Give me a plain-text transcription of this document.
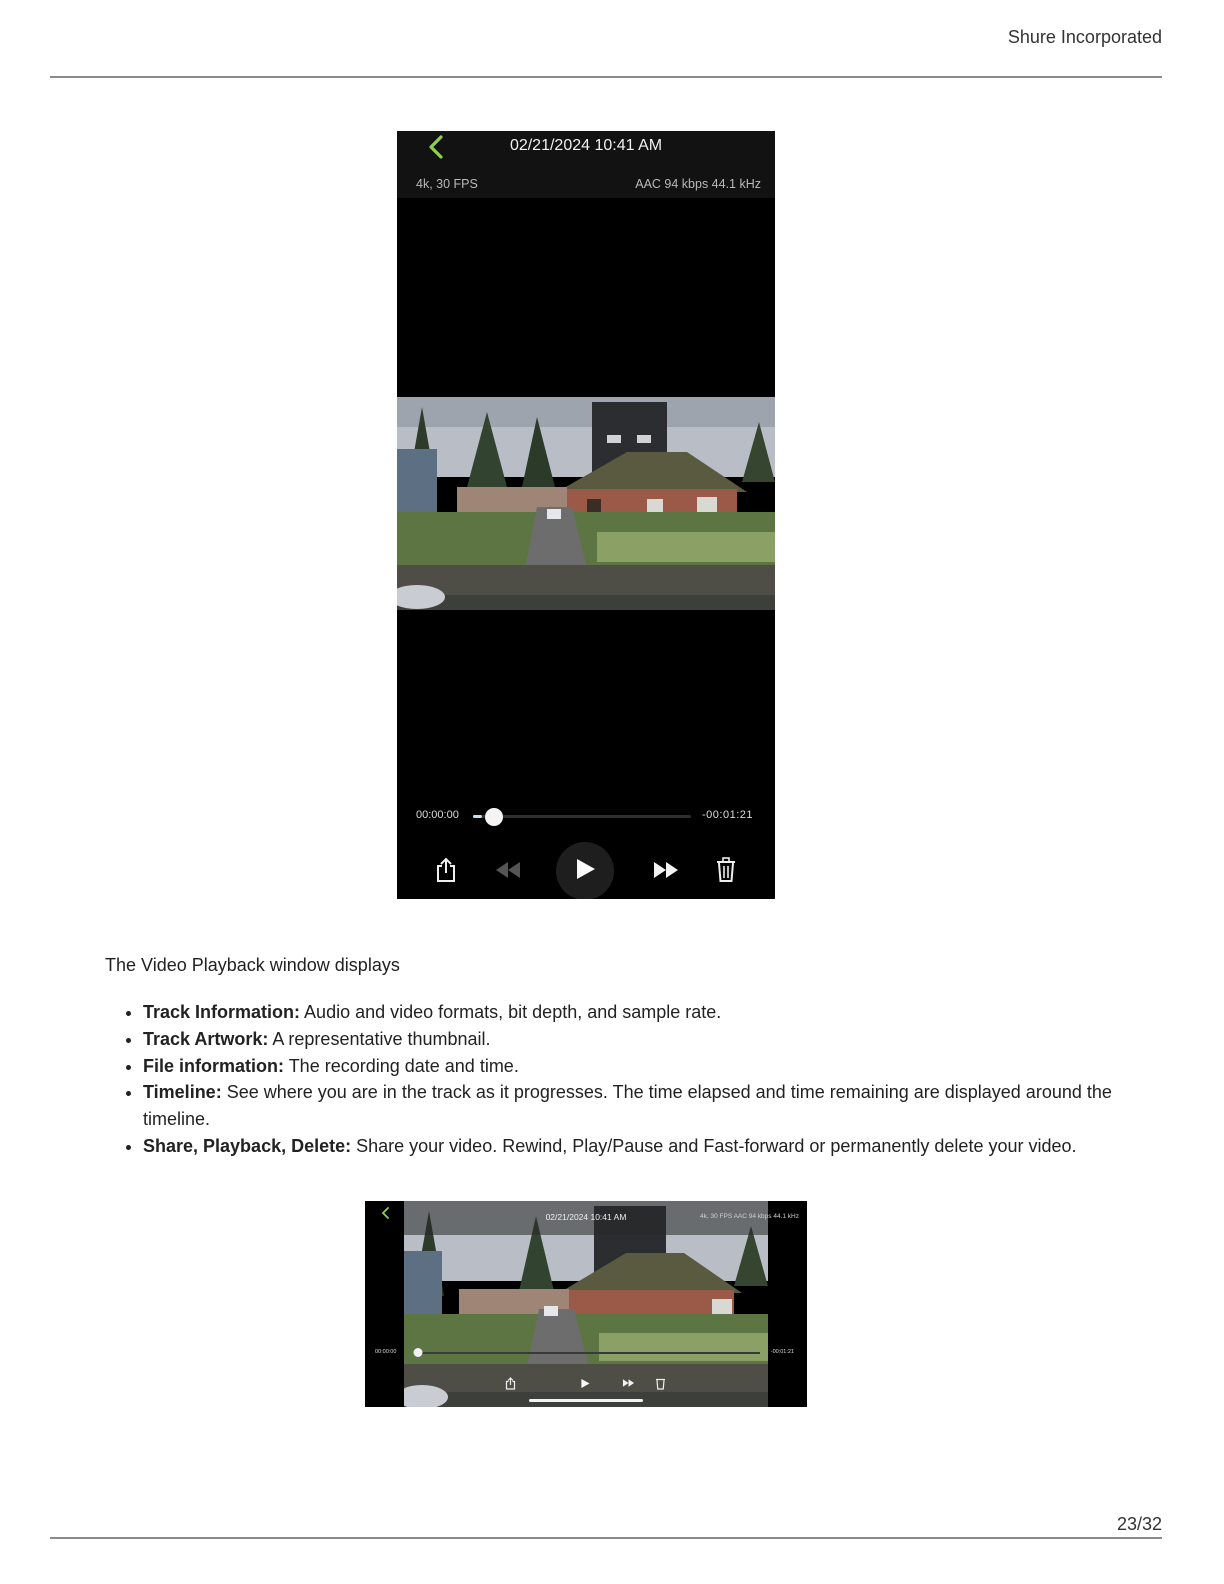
Shure Incorporated
02/21/2024 10:41 AM
4k, 30 FPS	AAC 94 kbps 44.1 kHz
00:00:00	-00:01:21
The Video Playback window displays
• Track Information: Audio and video formats, bit depth, and sample rate.
• Track Artwork: A representative thumbnail.
• File information: The recording date and time.
• Timeline: See where you are in the track as it progresses. The time elapsed and time remaining are displayed around the timeline.
• Share, Playback, Delete: Share your video. Rewind, Play/Pause and Fast-forward or permanently delete your video.
02/21/2024 10:41 AM	4k, 30 FPS AAC 94 kbps 44.1 kHz
00:00:00	-00:01:21
23/32
